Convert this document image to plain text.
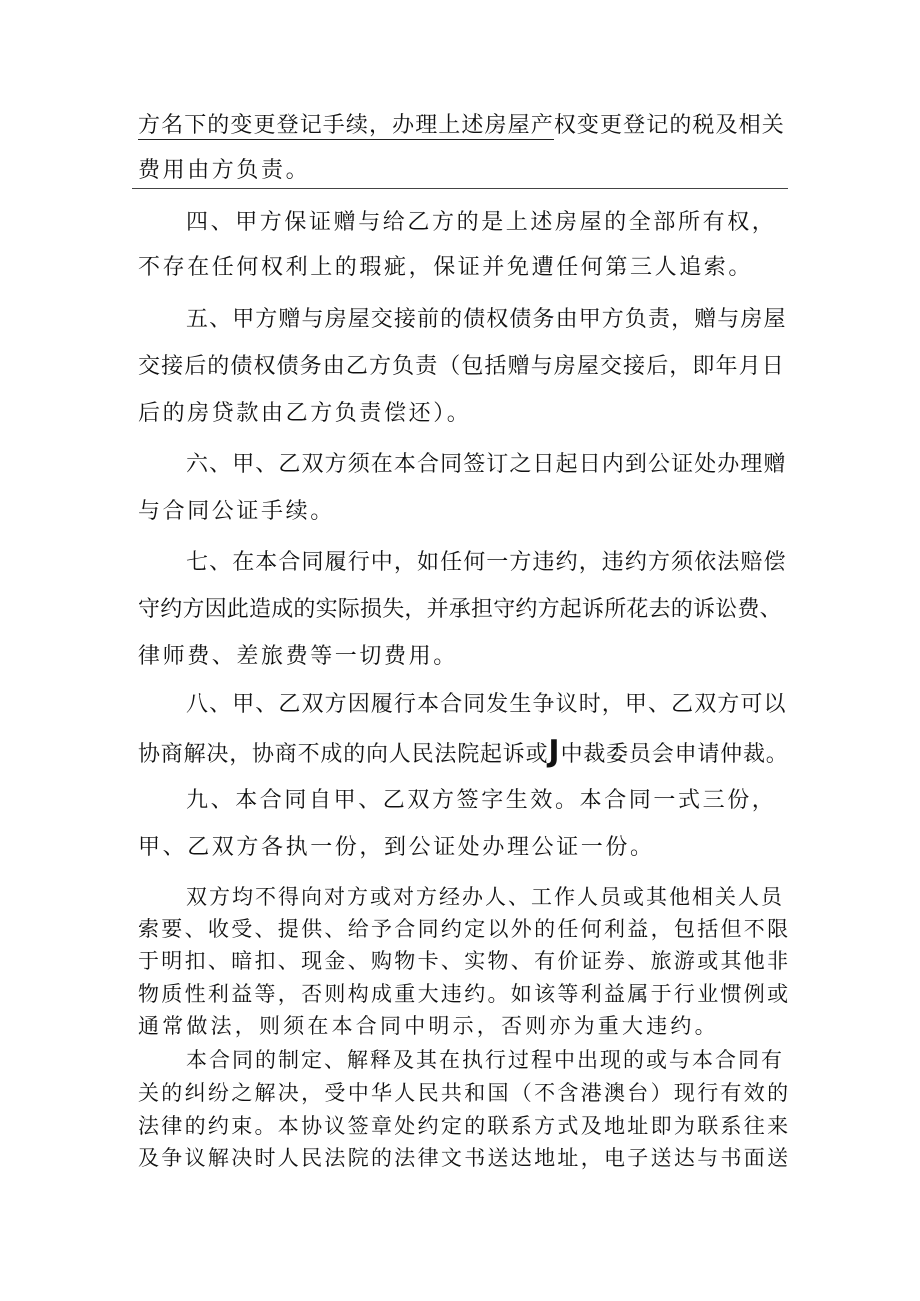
方名下的变更登记手续，办理上述房屋产权变更登记的税及相关
费用由方负责。
四、甲方保证赠与给乙方的是上述房屋的全部所有权，
不存在任何权利上的瑕疵，保证并免遭任何第三人追索。
五、甲方赠与房屋交接前的债权债务由甲方负责，赠与房屋
交接后的债权债务由乙方负责（包括赠与房屋交接后，即年月日
后的房贷款由乙方负责偿还）。
六、甲、乙双方须在本合同签订之日起日内到公证处办理赠
与合同公证手续。
七、在本合同履行中，如任何一方违约，违约方须依法赔偿
守约方因此造成的实际损失，并承担守约方起诉所花去的诉讼费、
律师费、差旅费等一切费用。
八、甲、乙双方因履行本合同发生争议时，甲、乙双方可以
协商解决，协商不成的向人民法院起诉或J中裁委员会申请仲裁。
九、本合同自甲、乙双方签字生效。本合同一式三份，
甲、乙双方各执一份，到公证处办理公证一份。
双方均不得向对方或对方经办人、工作人员或其他相关人员
索要、收受、提供、给予合同约定以外的任何利益，包括但不限
于明扣、暗扣、现金、购物卡、实物、有价证券、旅游或其他非
物质性利益等，否则构成重大违约。如该等利益属于行业惯例或
通常做法，则须在本合同中明示，否则亦为重大违约。
本合同的制定、解释及其在执行过程中出现的或与本合同有
关的纠纷之解决，受中华人民共和国（不含港澳台）现行有效的
法律的约束。本协议签章处约定的联系方式及地址即为联系往来
及争议解决时人民法院的法律文书送达地址，电子送达与书面送
